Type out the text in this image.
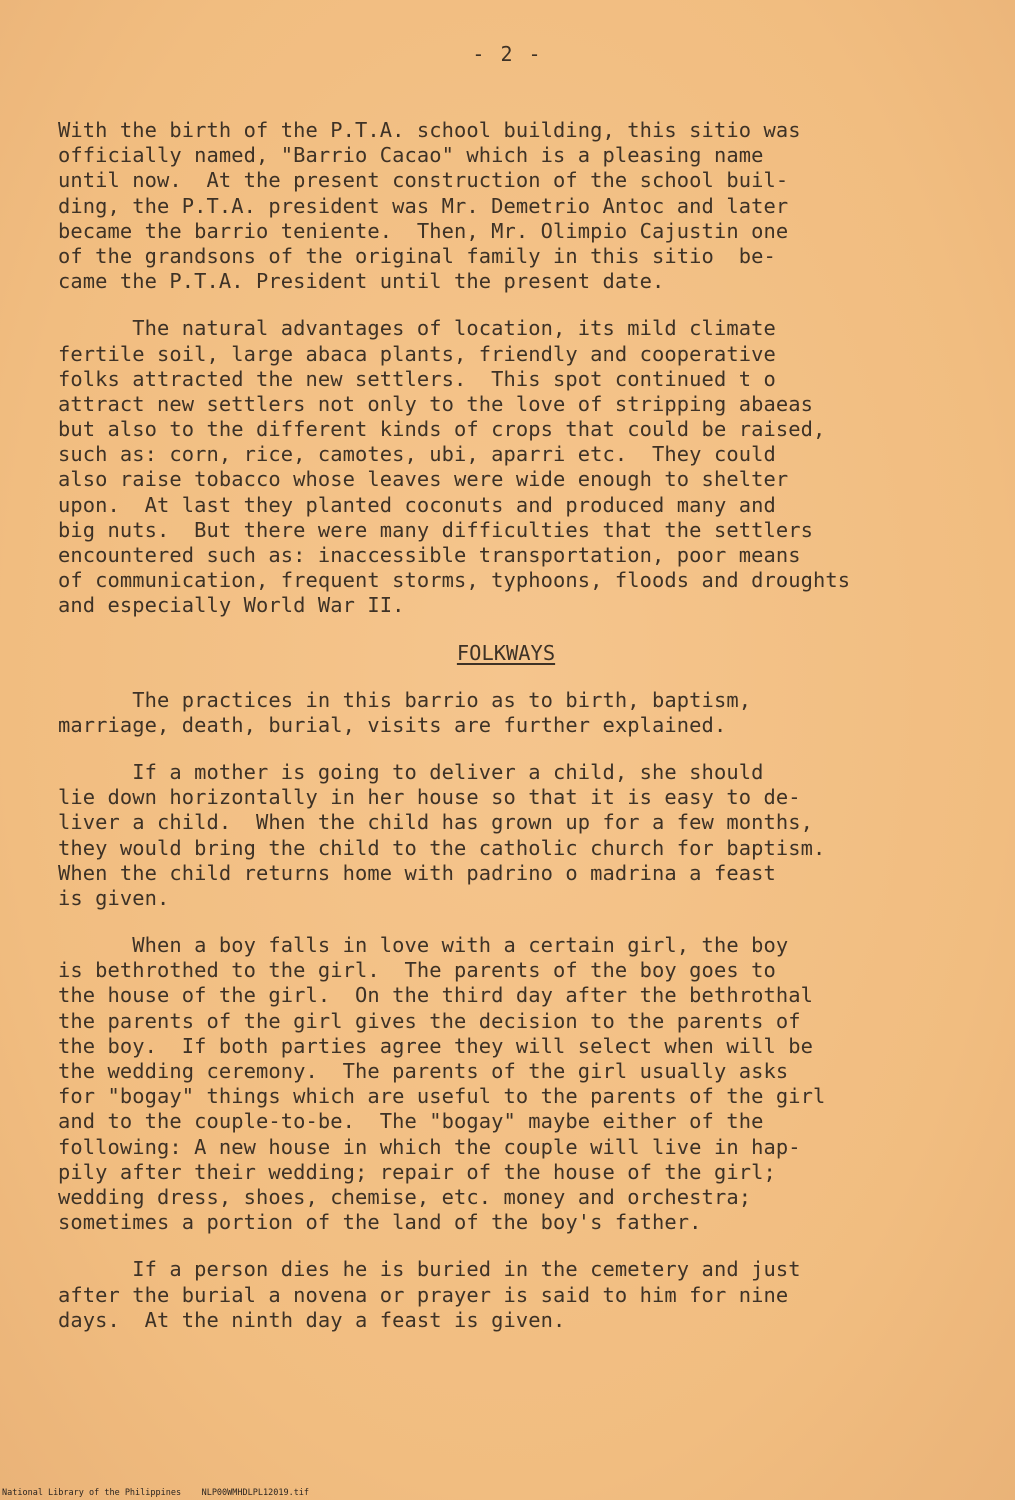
- 2 -
With the birth of the P.T.A. school building, this sitio was
officially named, "Barrio Cacao" which is a pleasing name
until now.  At the present construction of the school buil-
ding, the P.T.A. president was Mr. Demetrio Antoc and later
became the barrio teniente.  Then, Mr. Olimpio Cajustin one
of the grandsons of the original family in this sitio  be-
came the P.T.A. President until the present date.
The natural advantages of location, its mild climate
fertile soil, large abaca plants, friendly and cooperative
folks attracted the new settlers.  This spot continued t o
attract new settlers not only to the love of stripping abaeas
but also to the different kinds of crops that could be raised,
such as: corn, rice, camotes, ubi, aparri etc.  They could
also raise tobacco whose leaves were wide enough to shelter
upon.  At last they planted coconuts and produced many and
big nuts.  But there were many difficulties that the settlers
encountered such as: inaccessible transportation, poor means
of communication, frequent storms, typhoons, floods and droughts
and especially World War II.
FOLKWAYS
The practices in this barrio as to birth, baptism,
marriage, death, burial, visits are further explained.
If a mother is going to deliver a child, she should
lie down horizontally in her house so that it is easy to de-
liver a child.  When the child has grown up for a few months,
they would bring the child to the catholic church for baptism.
When the child returns home with padrino o madrina a feast
is given.
When a boy falls in love with a certain girl, the boy
is bethrothed to the girl.  The parents of the boy goes to
the house of the girl.  On the third day after the bethrothal
the parents of the girl gives the decision to the parents of
the boy.  If both parties agree they will select when will be
the wedding ceremony.  The parents of the girl usually asks
for "bogay" things which are useful to the parents of the girl
and to the couple-to-be.  The "bogay" maybe either of the
following: A new house in which the couple will live in hap-
pily after their wedding; repair of the house of the girl;
wedding dress, shoes, chemise, etc. money and orchestra;
sometimes a portion of the land of the boy's father.
If a person dies he is buried in the cemetery and just
after the burial a novena or prayer is said to him for nine
days.  At the ninth day a feast is given.
National Library of the Philippines    NLP00WMHDLPL12019.tif
